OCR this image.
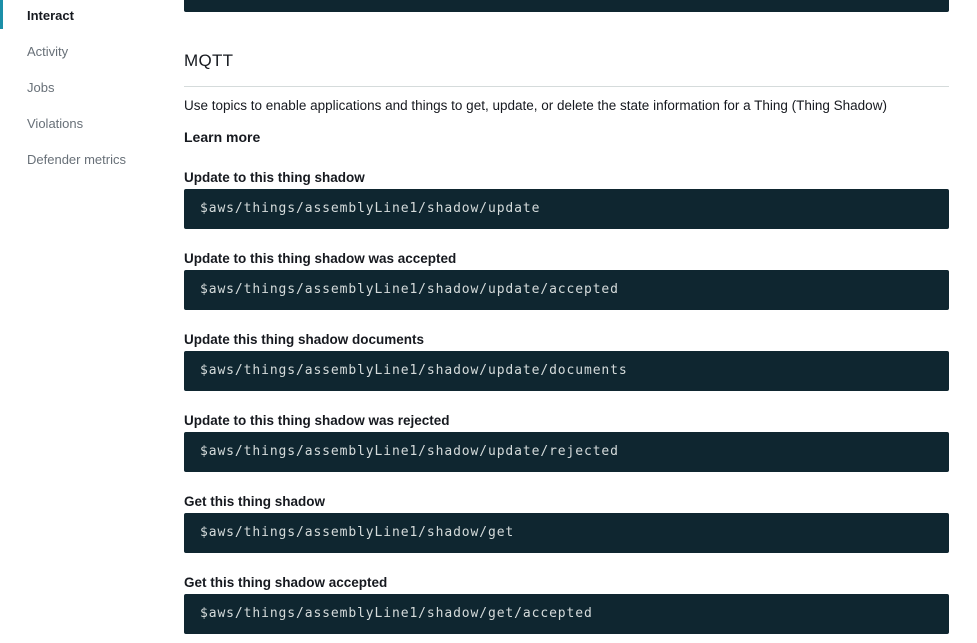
Interact
Activity
Jobs
Violations
Defender metrics
MQTT
Use topics to enable applications and things to get, update, or delete the state information for a Thing (Thing Shadow)
Learn more
Update to this thing shadow
$aws/things/assemblyLine1/shadow/update
Update to this thing shadow was accepted
$aws/things/assemblyLine1/shadow/update/accepted
Update this thing shadow documents
$aws/things/assemblyLine1/shadow/update/documents
Update to this thing shadow was rejected
$aws/things/assemblyLine1/shadow/update/rejected
Get this thing shadow
$aws/things/assemblyLine1/shadow/get
Get this thing shadow accepted
$aws/things/assemblyLine1/shadow/get/accepted
